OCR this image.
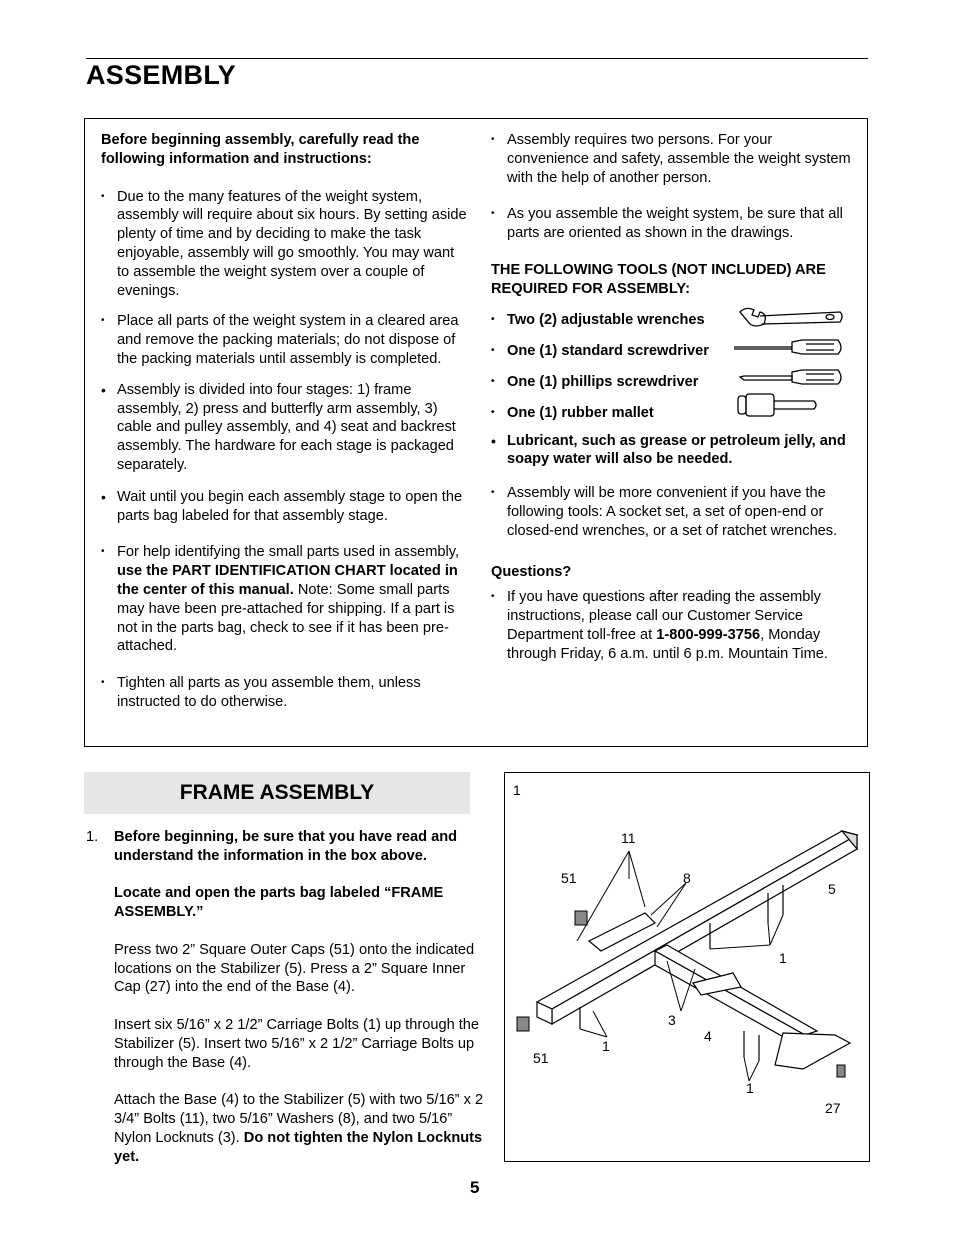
ASSEMBLY

Before beginning assembly, carefully read the following information and instructions:

• Due to the many features of the weight system, assembly will require about six hours. By setting aside plenty of time and by deciding to make the task enjoyable, assembly will go smoothly. You may want to assemble the weight system over a couple of evenings.

• Place all parts of the weight system in a cleared area and remove the packing materials; do not dispose of the packing materials until assembly is completed.

• Assembly is divided into four stages: 1) frame assembly, 2) press and butterfly arm assembly, 3) cable and pulley assembly, and 4) seat and backrest assembly. The hardware for each stage is packaged separately.

• Wait until you begin each assembly stage to open the parts bag labeled for that assembly stage.

• For help identifying the small parts used in assembly, use the PART IDENTIFICATION CHART located in the center of this manual. Note: Some small parts may have been pre-attached for shipping. If a part is not in the parts bag, check to see if it has been pre-attached.

• Tighten all parts as you assemble them, unless instructed to do otherwise.

• Assembly requires two persons. For your convenience and safety, assemble the weight system with the help of another person.

• As you assemble the weight system, be sure that all parts are oriented as shown in the drawings.

THE FOLLOWING TOOLS (NOT INCLUDED) ARE REQUIRED FOR ASSEMBLY:

• Two (2) adjustable wrenches
• One (1) standard screwdriver
• One (1) phillips screwdriver
• One (1) rubber mallet

• Lubricant, such as grease or petroleum jelly, and soapy water will also be needed.

• Assembly will be more convenient if you have the following tools: A socket set, a set of open-end or closed-end wrenches, or a set of ratchet wrenches.

Questions?

• If you have questions after reading the assembly instructions, please call our Customer Service Department toll-free at 1-800-999-3756, Monday through Friday, 6 a.m. until 6 p.m. Mountain Time.

FRAME ASSEMBLY
1. Before beginning, be sure that you have read and understand the information in the box above.

Locate and open the parts bag labeled “FRAME ASSEMBLY.”

Press two 2” Square Outer Caps (51) onto the indicated locations on the Stabilizer (5). Press a 2” Square Inner Cap (27) into the end of the Base (4).

Insert six 5/16” x 2 1/2” Carriage Bolts (1) up through the Stabilizer (5). Insert two 5/16” x 2 1/2” Carriage Bolts up through the Base (4).

Attach the Base (4) to the Stabilizer (5) with two 5/16” x 2 3/4” Bolts (11), two 5/16” Washers (8), and two 5/16” Nylon Locknuts (3). Do not tighten the Nylon Locknuts yet.

1
11
51	8
5
1
3
4
1
51
1
27
5
